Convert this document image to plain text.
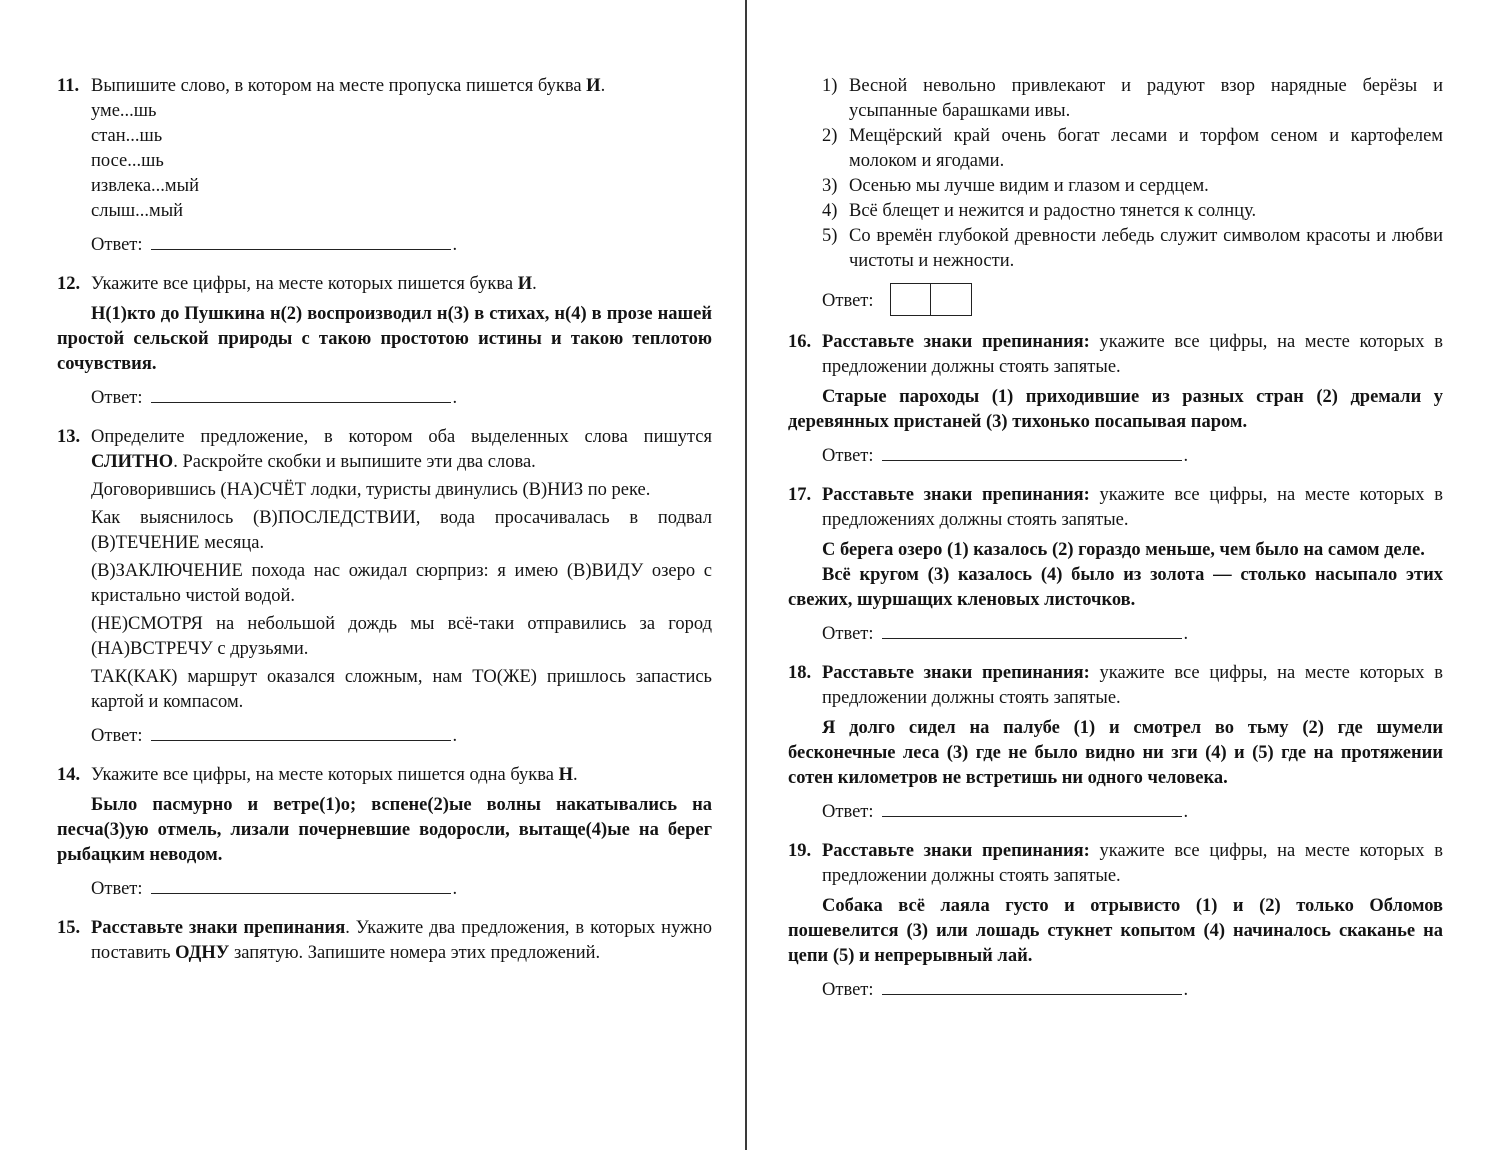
11. Выпишите слово, в котором на месте пропуска пишется буква И.
уме...шь
стан...шь
посе...шь
извлека...мый
слыш...мый
Ответ:	.
12. Укажите все цифры, на месте которых пишется буква И.
Н(1)кто до Пушкина н(2) воспроизводил н(3) в стихах, н(4) в прозе нашей простой сельской природы с такою простотою истины и такою теплотою сочувствия.
Ответ:	.
13. Определите предложение, в котором оба выделенных слова пишутся СЛИТНО. Раскройте скобки и выпишите эти два слова.
Договорившись (НА)СЧЁТ лодки, туристы двинулись (В)НИЗ по реке.
Как выяснилось (В)ПОСЛЕДСТВИИ, вода просачивалась в подвал (В)ТЕЧЕНИЕ месяца.
(В)ЗАКЛЮЧЕНИЕ похода нас ожидал сюрприз: я имею (В)ВИДУ озеро с кристально чистой водой.
(НЕ)СМОТРЯ на небольшой дождь мы всё-таки отправились за город (НА)ВСТРЕЧУ с друзьями.
ТАК(КАК) маршрут оказался сложным, нам ТО(ЖЕ) пришлось запастись картой и компасом.
Ответ:	.
14. Укажите все цифры, на месте которых пишется одна буква Н.
Было пасмурно и ветре(1)о; вспене(2)ые волны накатывались на песча(3)ую отмель, лизали почерневшие водоросли, вытаще(4)ые на берег рыбацким неводом.
Ответ:	.
15. Расставьте знаки препинания. Укажите два предложения, в которых нужно поставить ОДНУ запятую. Запишите номера этих предложений.
1) Весной невольно привлекают и радуют взор нарядные берёзы и усыпанные барашками ивы.
2) Мещёрский край очень богат лесами и торфом сеном и картофелем молоком и ягодами.
3) Осенью мы лучше видим и глазом и сердцем.
4) Всё блещет и нежится и радостно тянется к солнцу.
5) Со времён глубокой древности лебедь служит символом красоты и любви чистоты и нежности.
Ответ:
16. Расставьте знаки препинания: укажите все цифры, на месте которых в предложении должны стоять запятые.
Старые пароходы (1) приходившие из разных стран (2) дремали у деревянных пристаней (3) тихонько посапывая паром.
Ответ:	.
17. Расставьте знаки препинания: укажите все цифры, на месте которых в предложениях должны стоять запятые.
С берега озеро (1) казалось (2) гораздо меньше, чем было на самом деле.
Всё кругом (3) казалось (4) было из золота — столько насыпало этих свежих, шуршащих кленовых листочков.
Ответ:	.
18. Расставьте знаки препинания: укажите все цифры, на месте которых в предложении должны стоять запятые.
Я долго сидел на палубе (1) и смотрел во тьму (2) где шумели бесконечные леса (3) где не было видно ни зги (4) и (5) где на протяжении сотен километров не встретишь ни одного человека.
Ответ:	.
19. Расставьте знаки препинания: укажите все цифры, на месте которых в предложении должны стоять запятые.
Собака всё лаяла густо и отрывисто (1) и (2) только Обломов пошевелится (3) или лошадь стукнет копытом (4) начиналось скаканье на цепи (5) и непрерывный лай.
Ответ:	.
